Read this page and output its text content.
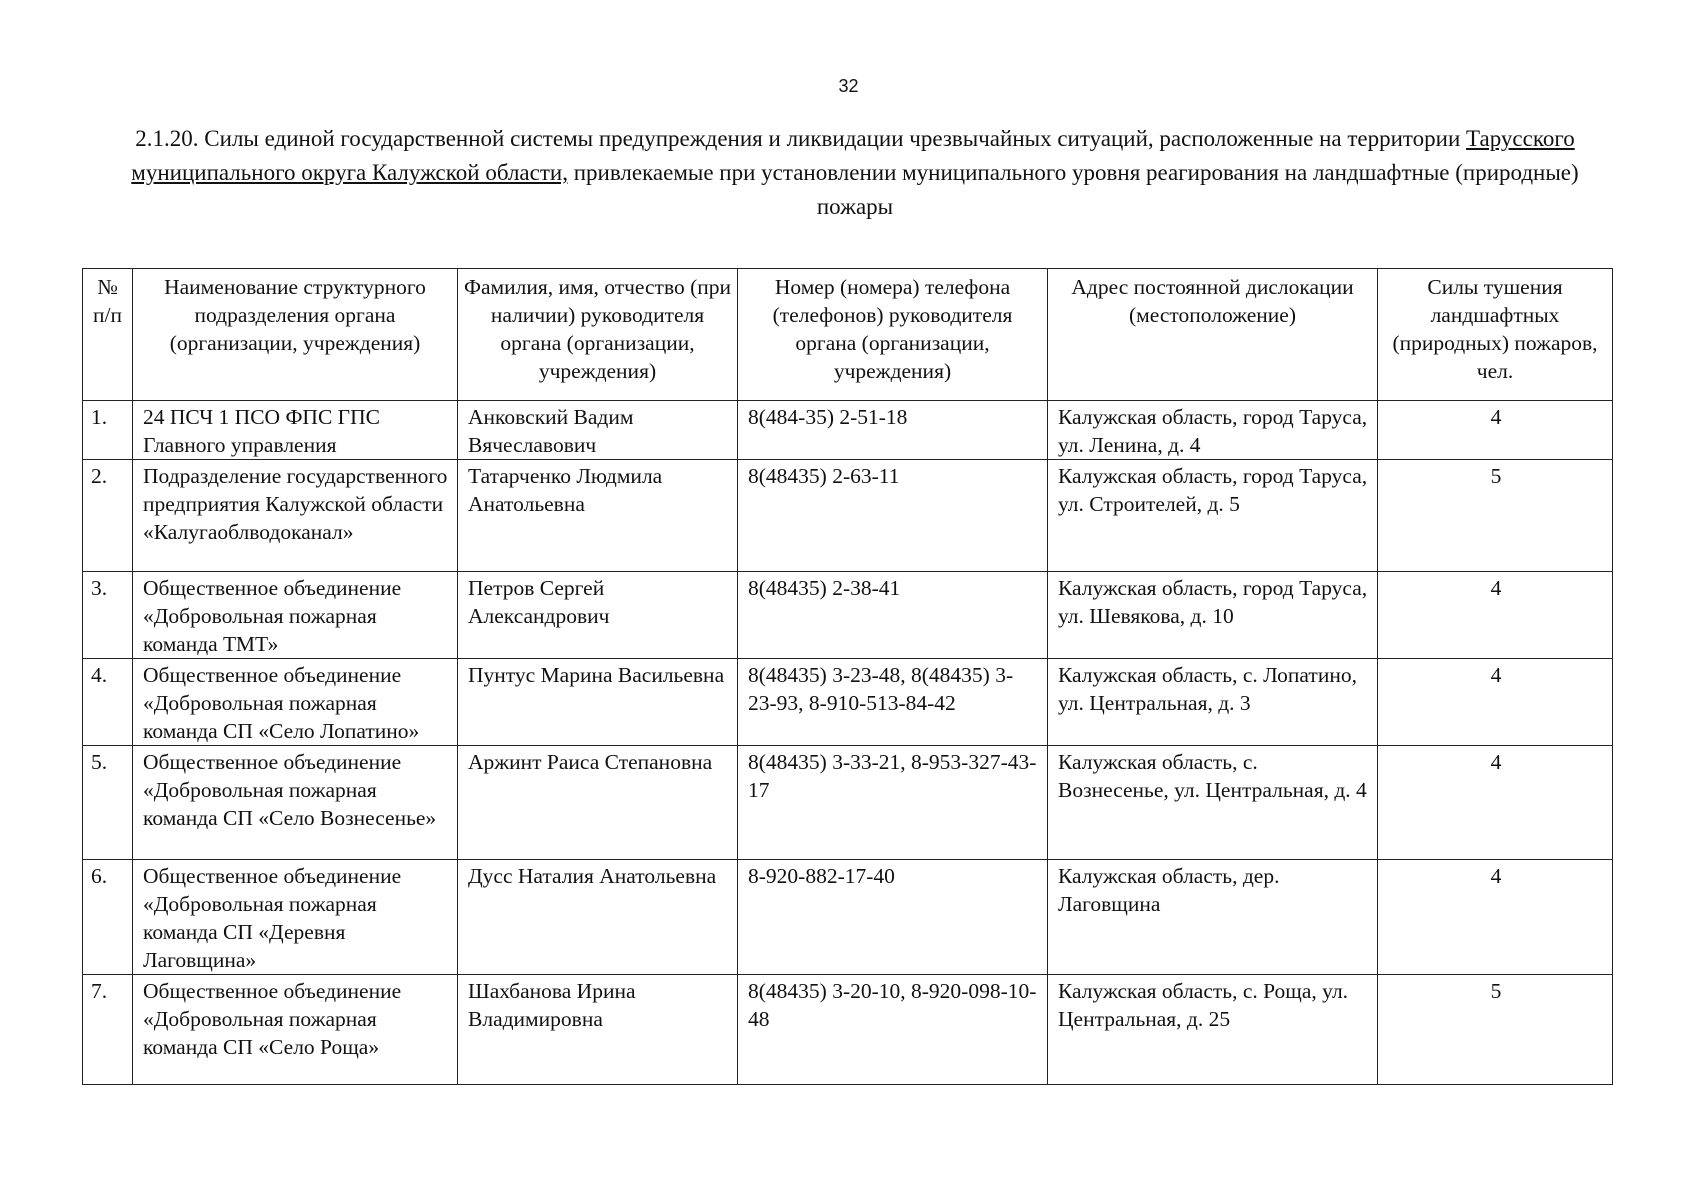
32
2.1.20. Силы единой государственной системы предупреждения и ликвидации чрезвычайных ситуаций, расположенные на территории Тарусского муниципального округа Калужской области, привлекаемые при установлении муниципального уровня реагирования на ландшафтные (природные) пожары
№ п/п	Наименование структурного подразделения органа (организации, учреждения)	Фамилия, имя, отчество (при наличии) руководителя органа (организации, учреждения)	Номер (номера) телефона (телефонов) руководителя органа (организации, учреждения)	Адрес постоянной дислокации (местоположение)	Силы тушения ландшафтных (природных) пожаров, чел.
1.	24 ПСЧ 1 ПСО ФПС ГПС Главного управления	Анковский Вадим Вячеславович	8(484-35) 2-51-18	Калужская область, город Таруса, ул. Ленина, д. 4	4
2.	Подразделение государственного предприятия Калужской области «Калугаоблводоканал»	Татарченко Людмила Анатольевна	8(48435) 2-63-11	Калужская область, город Таруса, ул. Строителей, д. 5	5
3.	Общественное объединение «Добровольная пожарная команда ТМТ»	Петров Сергей Александрович	8(48435) 2-38-41	Калужская область, город Таруса, ул. Шевякова, д. 10	4
4.	Общественное объединение «Добровольная пожарная команда СП «Село Лопатино»	Пунтус Марина Васильевна	8(48435) 3-23-48, 8(48435) 3-23-93, 8-910-513-84-42	Калужская область, с. Лопатино, ул. Центральная, д. 3	4
5.	Общественное объединение «Добровольная пожарная команда СП «Село Вознесенье»	Аржинт Раиса Степановна	8(48435) 3-33-21, 8-953-327-43-17	Калужская область, с. Вознесенье, ул. Центральная, д. 4	4
6.	Общественное объединение «Добровольная пожарная команда СП «Деревня Лаговщина»	Дусс Наталия Анатольевна	8-920-882-17-40	Калужская область, дер. Лаговщина	4
7.	Общественное объединение «Добровольная пожарная команда СП «Село Роща»	Шахбанова Ирина Владимировна	8(48435) 3-20-10, 8-920-098-10-48	Калужская область, с. Роща, ул. Центральная, д. 25	5
